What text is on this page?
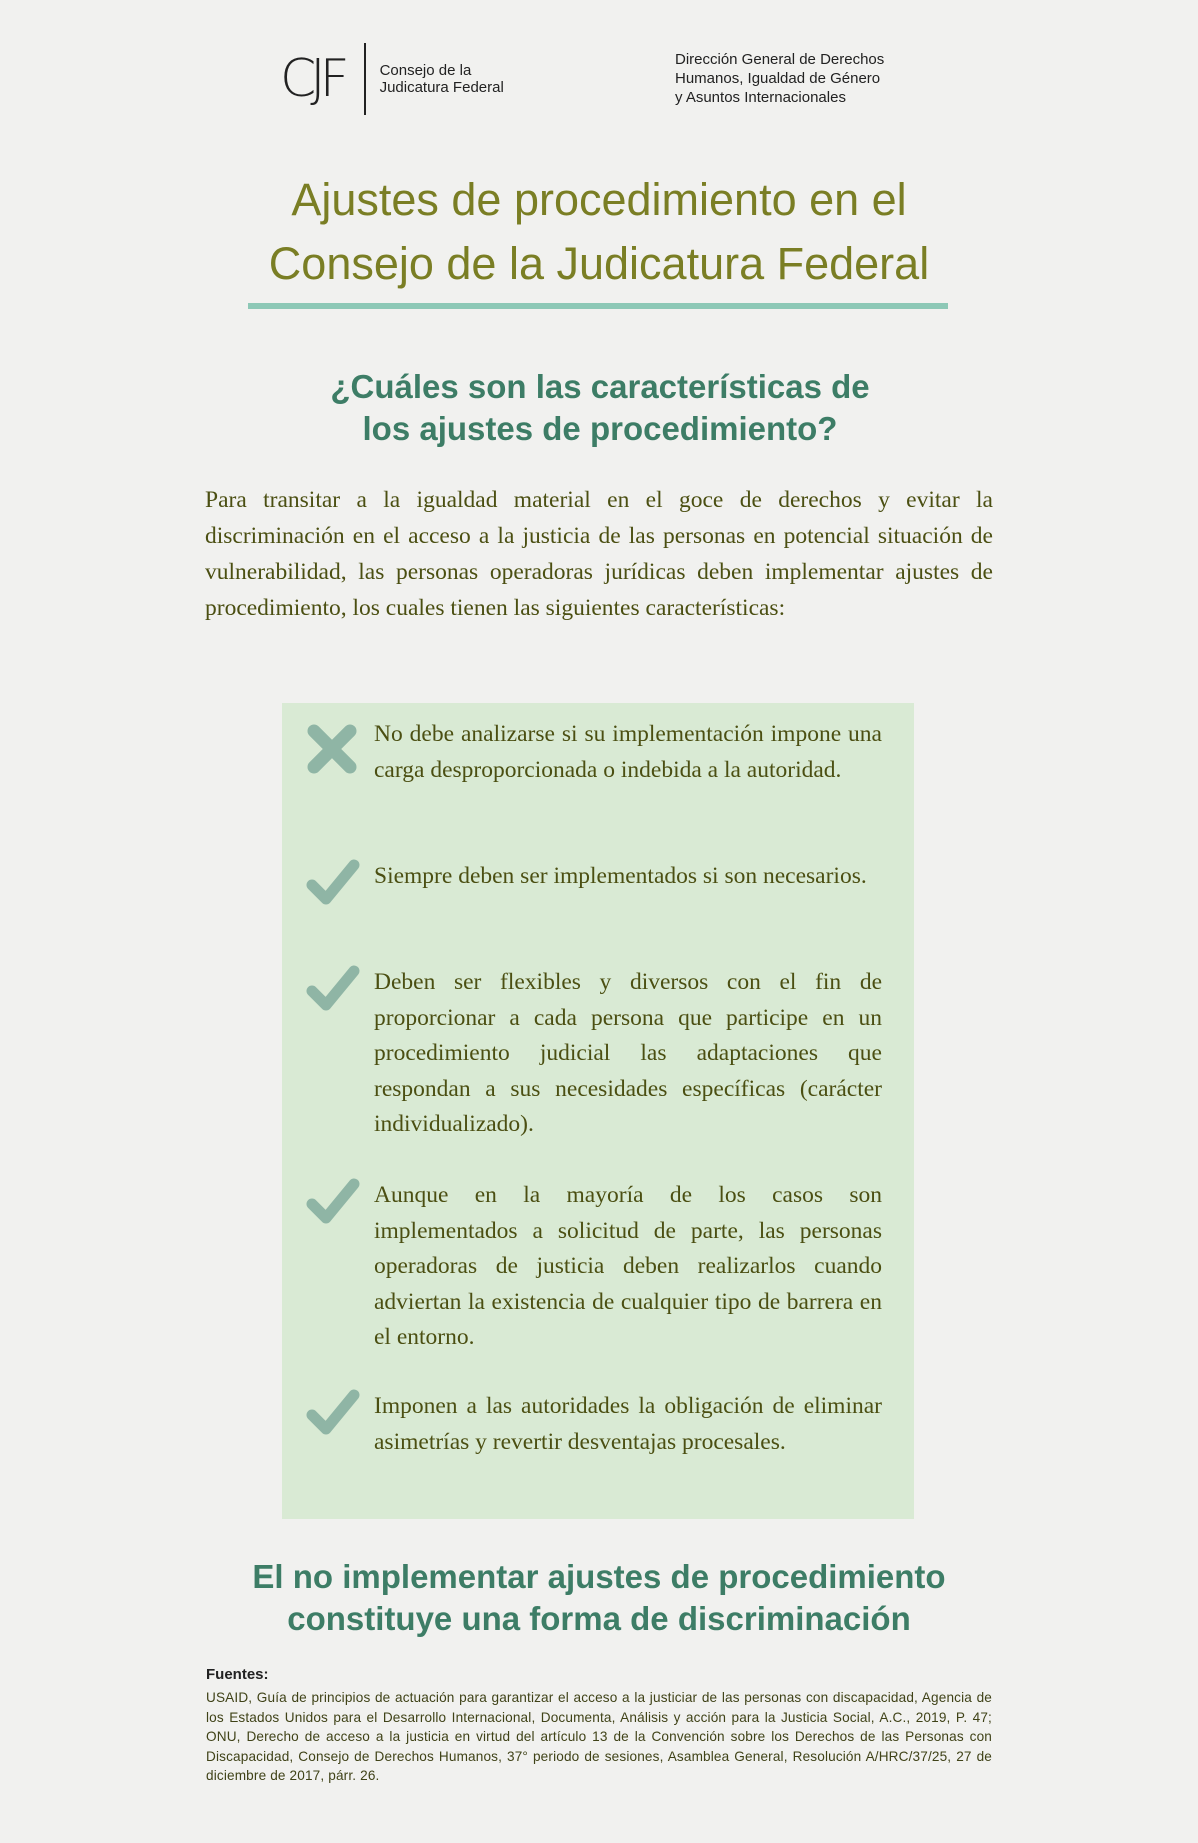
CJF Consejo de la
Judicatura Federal
Dirección General de Derechos
Humanos, Igualdad de Género
y Asuntos Internacionales
Ajustes de procedimiento en el
Consejo de la Judicatura Federal
¿Cuáles son las características de
los ajustes de procedimiento?

Para transitar a la igualdad material en el goce de derechos y evitar la discriminación en el acceso a la justicia de las personas en potencial situación de vulnerabilidad, las personas operadoras jurídicas deben implementar ajustes de procedimiento, los cuales tienen las siguientes características:

No debe analizarse si su implementación impone una carga desproporcionada o indebida a la autoridad.

Siempre deben ser implementados si son necesarios.

Deben ser flexibles y diversos con el fin de proporcionar a cada persona que participe en un procedimiento judicial las adaptaciones que respondan a sus necesidades específicas (carácter individualizado).

Aunque en la mayoría de los casos son implementados a solicitud de parte, las personas operadoras de justicia deben realizarlos cuando adviertan la existencia de cualquier tipo de barrera en el entorno.

Imponen a las autoridades la obligación de eliminar asimetrías y revertir desventajas procesales.

El no implementar ajustes de procedimiento
constituye una forma de discriminación
Fuentes:

USAID, Guía de principios de actuación para garantizar el acceso a la justiciar de las personas con discapacidad, Agencia de los Estados Unidos para el Desarrollo Internacional, Documenta, Análisis y acción para la Justicia Social, A.C., 2019, P. 47; ONU, Derecho de acceso a la justicia en virtud del artículo 13 de la Convención sobre los Derechos de las Personas con Discapacidad, Consejo de Derechos Humanos, 37° periodo de sesiones, Asamblea General, Resolución A/HRC/37/25, 27 de diciembre de 2017, párr. 26.
